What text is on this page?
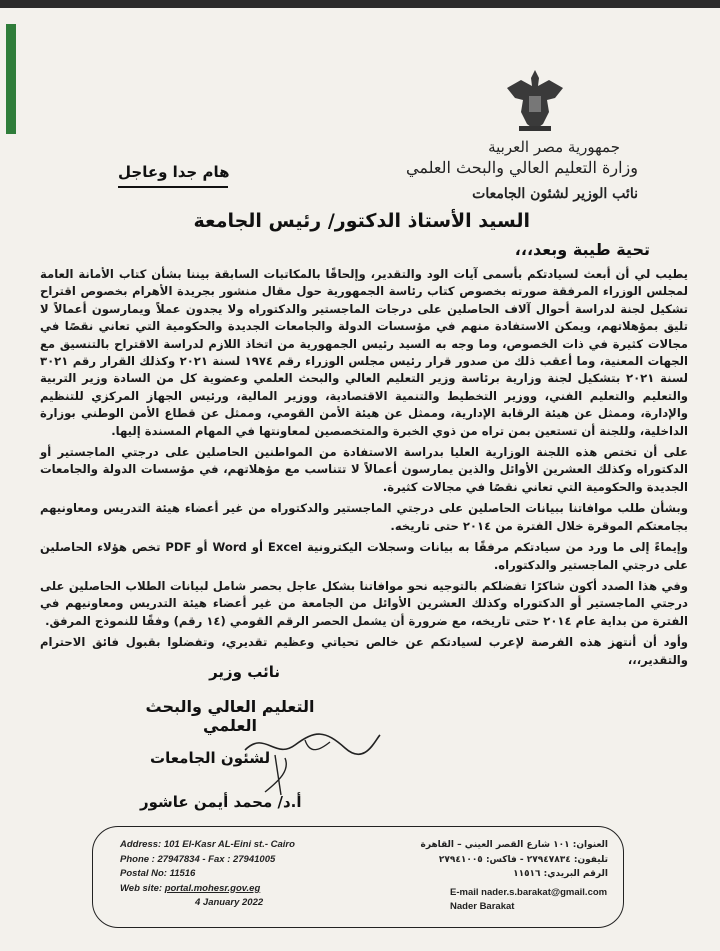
جمهورية مصر العربية
وزارة التعليم العالي والبحث العلمي
نائب الوزير لشئون الجامعات
هام جدا وعاجل
السيد الأستاذ الدكتور/ رئيس الجامعة
تحية طيبة وبعد،،،

يطيب لي أن أبعث لسيادتكم بأسمى آيات الود والتقدير، وإلحاقًا بالمكاتبات السابقة بيننا بشأن كتاب الأمانة العامة لمجلس الوزراء المرفقة صورته بخصوص كتاب رئاسة الجمهورية حول مقال منشور بجريدة الأهرام بخصوص اقتراح تشكيل لجنة لدراسة أحوال آلاف الحاصلين على درجات الماجستير والدكتوراه ولا يجدون عملاً ويمارسون أعمالاً لا تليق بمؤهلاتهم، ويمكن الاستفادة منهم في مؤسسات الدولة والجامعات الجديدة والحكومية التي تعاني نقصًا في مجالات كثيرة في ذات الخصوص، وما وجه به السيد رئيس الجمهورية من اتخاذ اللازم لدراسة الاقتراح بالتنسيق مع الجهات المعنية، وما أعقب ذلك من صدور قرار رئيس مجلس الوزراء رقم ١٩٧٤ لسنة ٢٠٢١ وكذلك القرار رقم ٣٠٢١ لسنة ٢٠٢١ بتشكيل لجنة وزارية برئاسة وزير التعليم العالي والبحث العلمي وعضوية كل من السادة وزير التربية والتعليم والتعليم الفني، ووزير التخطيط والتنمية الاقتصادية، ووزير المالية، ورئيس الجهاز المركزي للتنظيم والإدارة، وممثل عن هيئة الرقابة الإدارية، وممثل عن هيئة الأمن القومي، وممثل عن قطاع الأمن الوطني بوزارة الداخلية، وللجنة أن تستعين بمن تراه من ذوي الخبرة والمتخصصين لمعاونتها في المهام المسندة إليها.

على أن تختص هذه اللجنة الوزارية العليا بدراسة الاستفادة من المواطنين الحاصلين على درجتي الماجستير أو الدكتوراه وكذلك العشرين الأوائل والذين يمارسون أعمالاً لا تتناسب مع مؤهلاتهم، في مؤسسات الدولة والجامعات الجديدة والحكومية التي تعاني نقصًا في مجالات كثيرة.

وبشأن طلب موافاتنا ببيانات الحاصلين على درجتي الماجستير والدكتوراه من غير أعضاء هيئة التدريس ومعاونيهم بجامعتكم الموقرة خلال الفترة من ٢٠١٤ حتى تاريخه.

وإيماءً إلى ما ورد من سيادتكم مرفقًا به بيانات وسجلات اليكترونية Excel أو Word أو PDF تخص هؤلاء الحاصلين على درجتي الماجستير والدكتوراه.

وفي هذا الصدد أكون شاكرًا تفضلكم بالتوجيه نحو موافاتنا بشكل عاجل بحصر شامل لبيانات الطلاب الحاصلين على درجتي الماجستير أو الدكتوراه وكذلك العشرين الأوائل من الجامعة من غير أعضاء هيئة التدريس ومعاونيهم في الفترة من بداية عام ٢٠١٤ حتى تاريخه، مع ضرورة أن يشمل الحصر الرقم القومي (١٤ رقم) وفقًا للنموذج المرفق.

وأود أن أنتهز هذه الفرصة لإعرب لسيادتكم عن خالص تحياتي وعظيم تقديري، وتفضلوا بقبول فائق الاحترام والتقدير،،،

نائب وزير
التعليم العالي والبحث العلمي
لشئون الجامعات
أ.د/ محمد أيمن عاشور
Address: 101 El-Kasr AL-Eini st.- Cairo
Phone : 27947834 - Fax : 27941005
Postal No: 11516
Web site: portal.mohesr.gov.eg
4 January 2022
العنوان: ١٠١ شارع القصر العيني – القاهرة
تليفون: ٢٧٩٤٧٨٣٤ - فاكس: ٢٧٩٤١٠٠٥
الرقم البريدي: ١١٥١٦
E-mail nader.s.barakat@gmail.com
Nader Barakat
